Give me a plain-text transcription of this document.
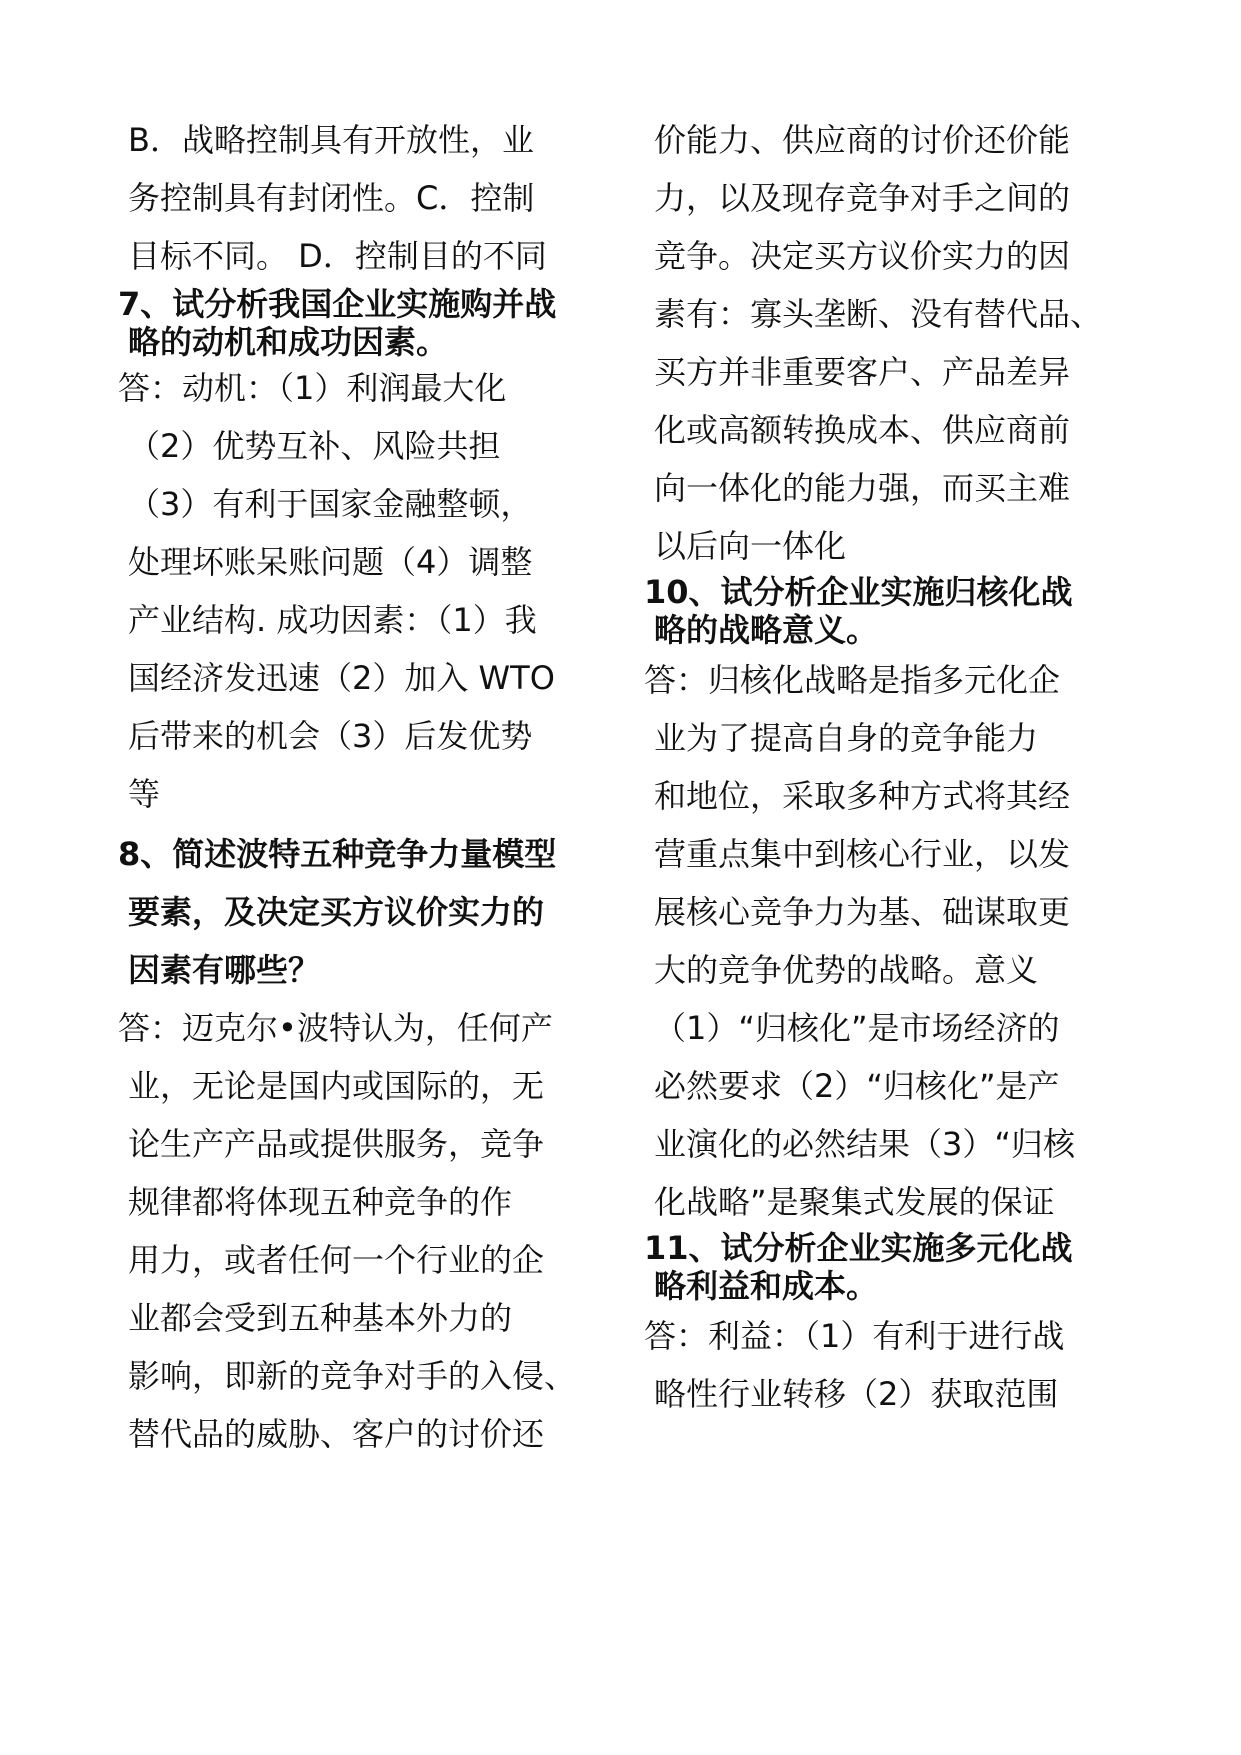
B．战略控制具有开放性，业
务控制具有封闭性。C．控制
目标不同。 D．控制目的不同
7、试分析我国企业实施购并战
略的动机和成功因素。
答：动机：（1）利润最大化
（2）优势互补、风险共担
（3）有利于国家金融整顿，
处理坏账呆账问题（4）调整
产业结构. 成功因素：（1）我
国经济发迅速（2）加入 WTO
后带来的机会（3）后发优势
等
8、简述波特五种竞争力量模型
要素，及决定买方议价实力的
因素有哪些？
答：迈克尔•波特认为，任何产
业，无论是国内或国际的，无
论生产产品或提供服务，竞争
规律都将体现五种竞争的作
用力，或者任何一个行业的企
业都会受到五种基本外力的
影响，即新的竞争对手的入侵、
替代品的威胁、客户的讨价还
价能力、供应商的讨价还价能
力，以及现存竞争对手之间的
竞争。决定买方议价实力的因
素有：寡头垄断、没有替代品、
买方并非重要客户、产品差异
化或高额转换成本、供应商前
向一体化的能力强，而买主难
以后向一体化
10、试分析企业实施归核化战
略的战略意义。
答：归核化战略是指多元化企
业为了提高自身的竞争能力
和地位，采取多种方式将其经
营重点集中到核心行业，以发
展核心竞争力为基、础谋取更
大的竞争优势的战略。意义
（1）“归核化”是市场经济的
必然要求（2）“归核化”是产
业演化的必然结果（3）“归核
化战略”是聚集式发展的保证
11、试分析企业实施多元化战
略利益和成本。
答：利益：（1）有利于进行战
略性行业转移（2）获取范围
